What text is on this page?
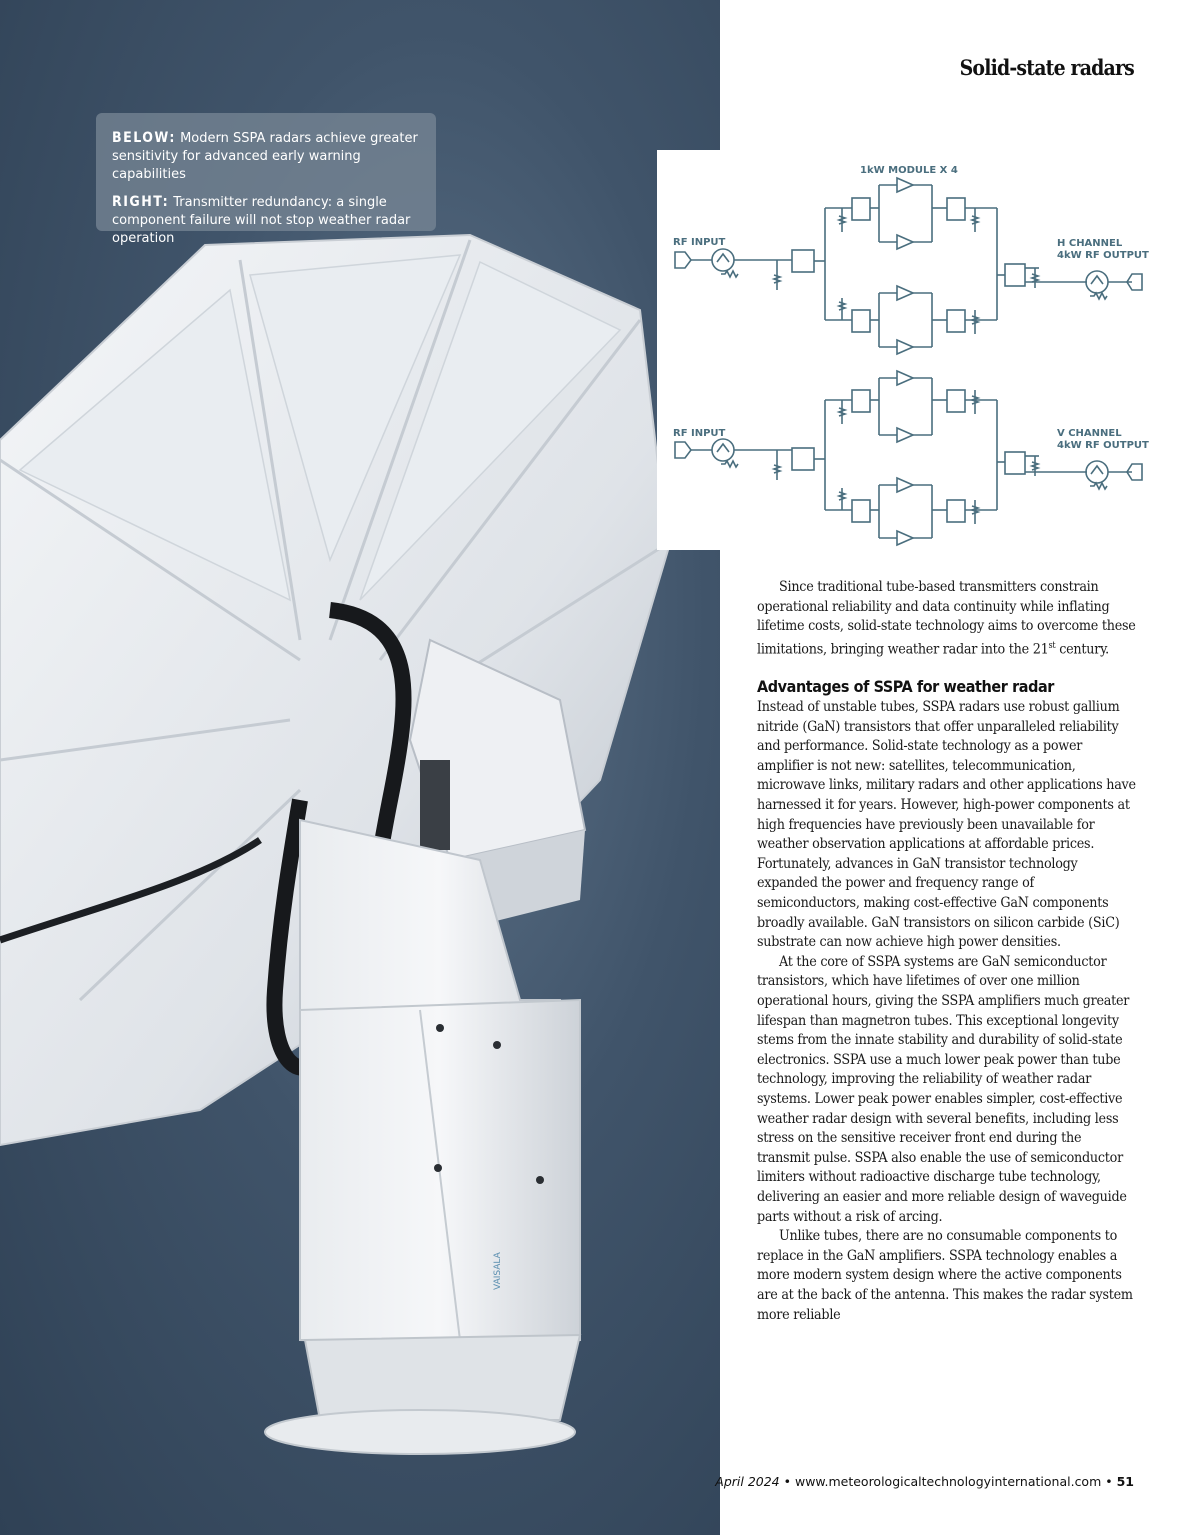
VAISALA

BELOW: Modern SSPA radars achieve greater sensitivity for advanced early warning capabilities

RIGHT: Transmitter redundancy: a single component failure will not stop weather radar operation

Solid-state radars
1kW MODULE X 4
RF INPUT	H CHANNEL
4kW RF OUTPUT
RF INPUT	V CHANNEL
4kW RF OUTPUT

Since traditional tube-based transmitters constrain operational reliability and data continuity while inflating lifetime costs, solid-state technology aims to overcome these limitations, bringing weather radar into the 21st century.

Advantages of SSPA for weather radar

Instead of unstable tubes, SSPA radars use robust gallium nitride (GaN) transistors that offer unparalleled reliability and performance. Solid-state technology as a power amplifier is not new: satellites, telecommunication, microwave links, military radars and other applications have harnessed it for years. However, high-power components at high frequencies have previously been unavailable for weather observation applications at affordable prices. Fortunately, advances in GaN transistor technology expanded the power and frequency range of semiconductors, making cost-effective GaN components broadly available. GaN transistors on silicon carbide (SiC) substrate can now achieve high power densities.

At the core of SSPA systems are GaN semiconductor transistors, which have lifetimes of over one million operational hours, giving the SSPA amplifiers much greater lifespan than magnetron tubes. This exceptional longevity stems from the innate stability and durability of solid-state electronics. SSPA use a much lower peak power than tube technology, improving the reliability of weather radar systems. Lower peak power enables simpler, cost-effective weather radar design with several benefits, including less stress on the sensitive receiver front end during the transmit pulse. SSPA also enable the use of semiconductor limiters without radioactive discharge tube technology, delivering an easier and more reliable design of waveguide parts without a risk of arcing.

Unlike tubes, there are no consumable components to replace in the GaN amplifiers. SSPA technology enables a more modern system design where the active components are at the back of the antenna. This makes the radar system more reliable

April 2024 • www.meteorologicaltechnologyinternational.com • 51
